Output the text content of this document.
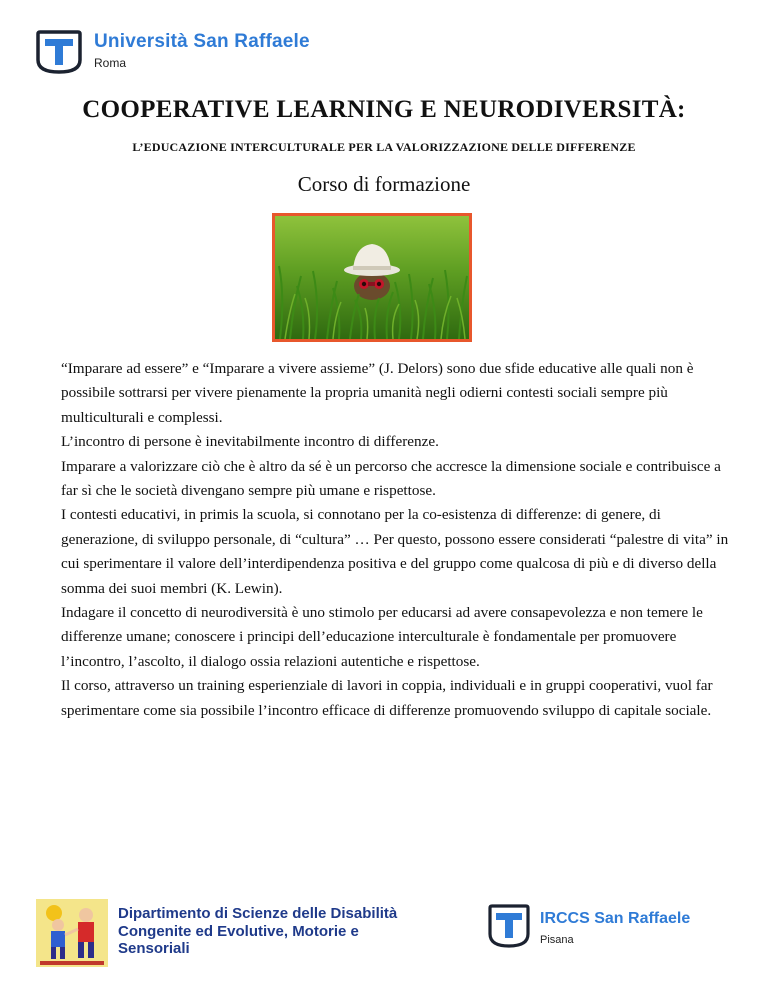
Università San Raffaele
Roma
COOPERATIVE LEARNING E NEURODIVERSITÀ:
L’EDUCAZIONE INTERCULTURALE PER LA VALORIZZAZIONE DELLE DIFFERENZE
Corso di formazione

“Imparare ad essere” e “Imparare a vivere assieme” (J. Delors) sono due sfide educative alle quali non è possibile sottrarsi per vivere pienamente la propria umanità negli odierni contesti sociali sempre più multiculturali e complessi.

L’incontro di persone è inevitabilmente incontro di differenze.

Imparare a valorizzare ciò che è altro da sé è un percorso che accresce la dimensione sociale e contribuisce a far sì che le società divengano sempre più umane e rispettose.

I contesti educativi, in primis la scuola, si connotano per la co-esistenza di differenze: di genere, di generazione, di sviluppo personale, di “cultura” … Per questo, possono essere considerati “palestre di vita” in cui sperimentare il valore dell’interdipendenza positiva e del gruppo come qualcosa di più e di diverso della somma dei suoi membri (K. Lewin).

Indagare il concetto di neurodiversità è uno stimolo per educarsi ad avere consapevolezza e non temere le differenze umane; conoscere i principi dell’educazione interculturale è fondamentale per promuovere l’incontro, l’ascolto, il dialogo ossia relazioni autentiche e rispettose.

Il corso, attraverso un training esperienziale di lavori in coppia, individuali e in gruppi cooperativi, vuol far sperimentare come sia possibile l’incontro efficace di differenze promuovendo sviluppo di capitale sociale.

Dipartimento di Scienze delle Disabilità
Congenite ed Evolutive, Motorie e
Sensoriali
IRCCS San Raffaele
Pisana
